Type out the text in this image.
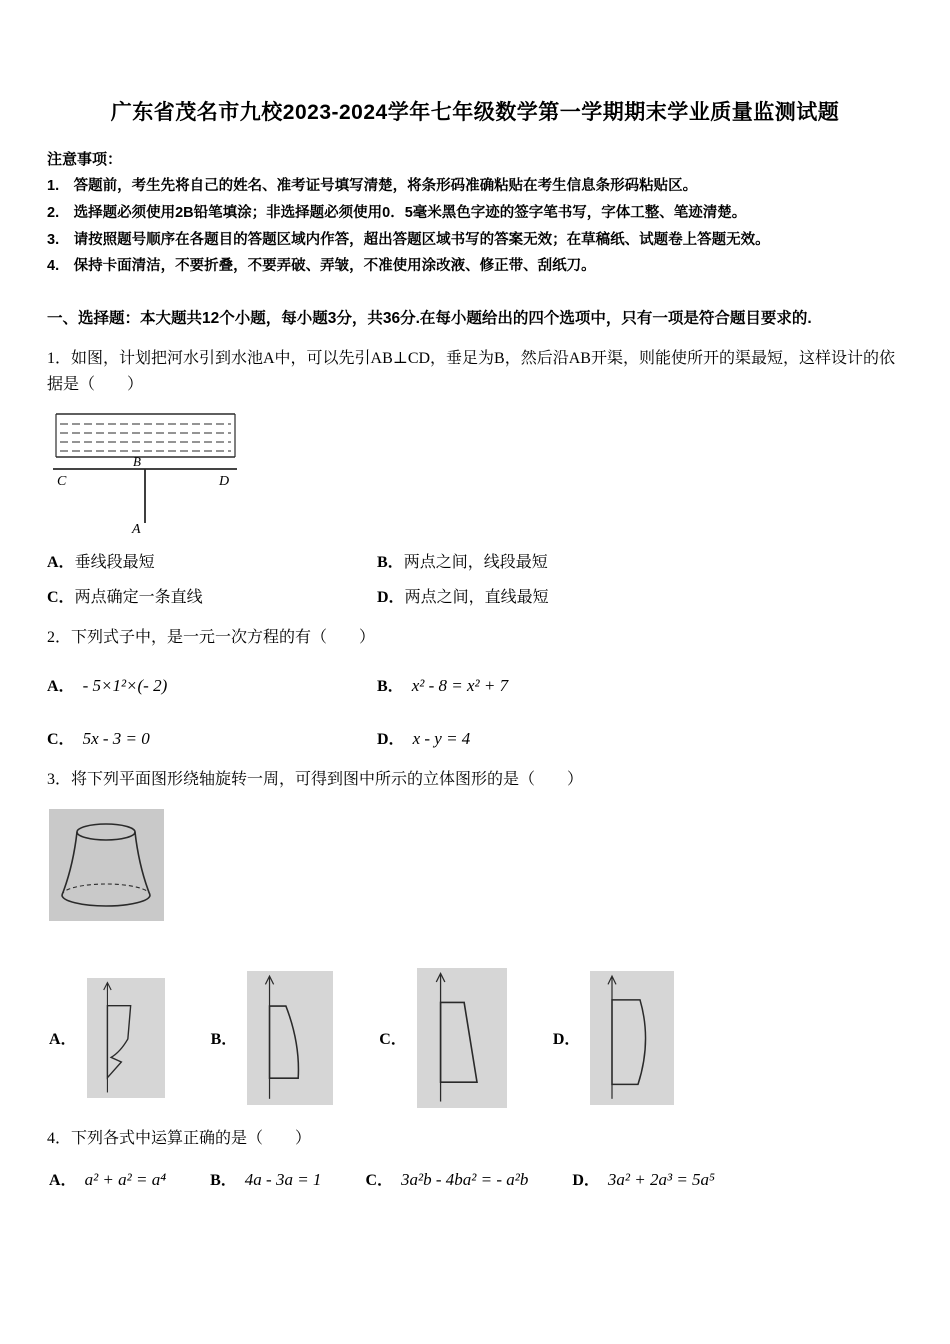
广东省茂名市九校2023-2024学年七年级数学第一学期期末学业质量监测试题

注意事项：

1.　答题前，考生先将自己的姓名、准考证号填写清楚，将条形码准确粘贴在考生信息条形码粘贴区。

2.　选择题必须使用2B铅笔填涂；非选择题必须使用0．5毫米黑色字迹的签字笔书写，字体工整、笔迹清楚。

3.　请按照题号顺序在各题目的答题区域内作答，超出答题区域书写的答案无效；在草稿纸、试题卷上答题无效。

4.　保持卡面清洁，不要折叠，不要弄破、弄皱，不准使用涂改液、修正带、刮纸刀。

一、选择题：本大题共12个小题，每小题3分，共36分.在每小题给出的四个选项中，只有一项是符合题目要求的.

1．如图，计划把河水引到水池A中，可以先引AB⊥CD，垂足为B，然后沿AB开渠，则能使所开的渠最短，这样设计的依据是（　　）

B
C	D
A
A． 垂线段最短	B． 两点之间，线段最短
C． 两点确定一条直线	D． 两点之间，直线最短

2．下列式子中，是一元一次方程的有（　　）

A． - 5×1²×(- 2)	B． x² - 8 = x² + 7
C． 5x - 3 = 0	D． x - y = 4

3．将下列平面图形绕轴旋转一周，可得到图中所示的立体图形的是（　　）

A．	B．	C．	D．

4．下列各式中运算正确的是（　　）

A． a² + a² = a⁴	B． 4a - 3a = 1	C． 3a²b - 4ba² = - a²b	D． 3a² + 2a³ = 5a⁵
